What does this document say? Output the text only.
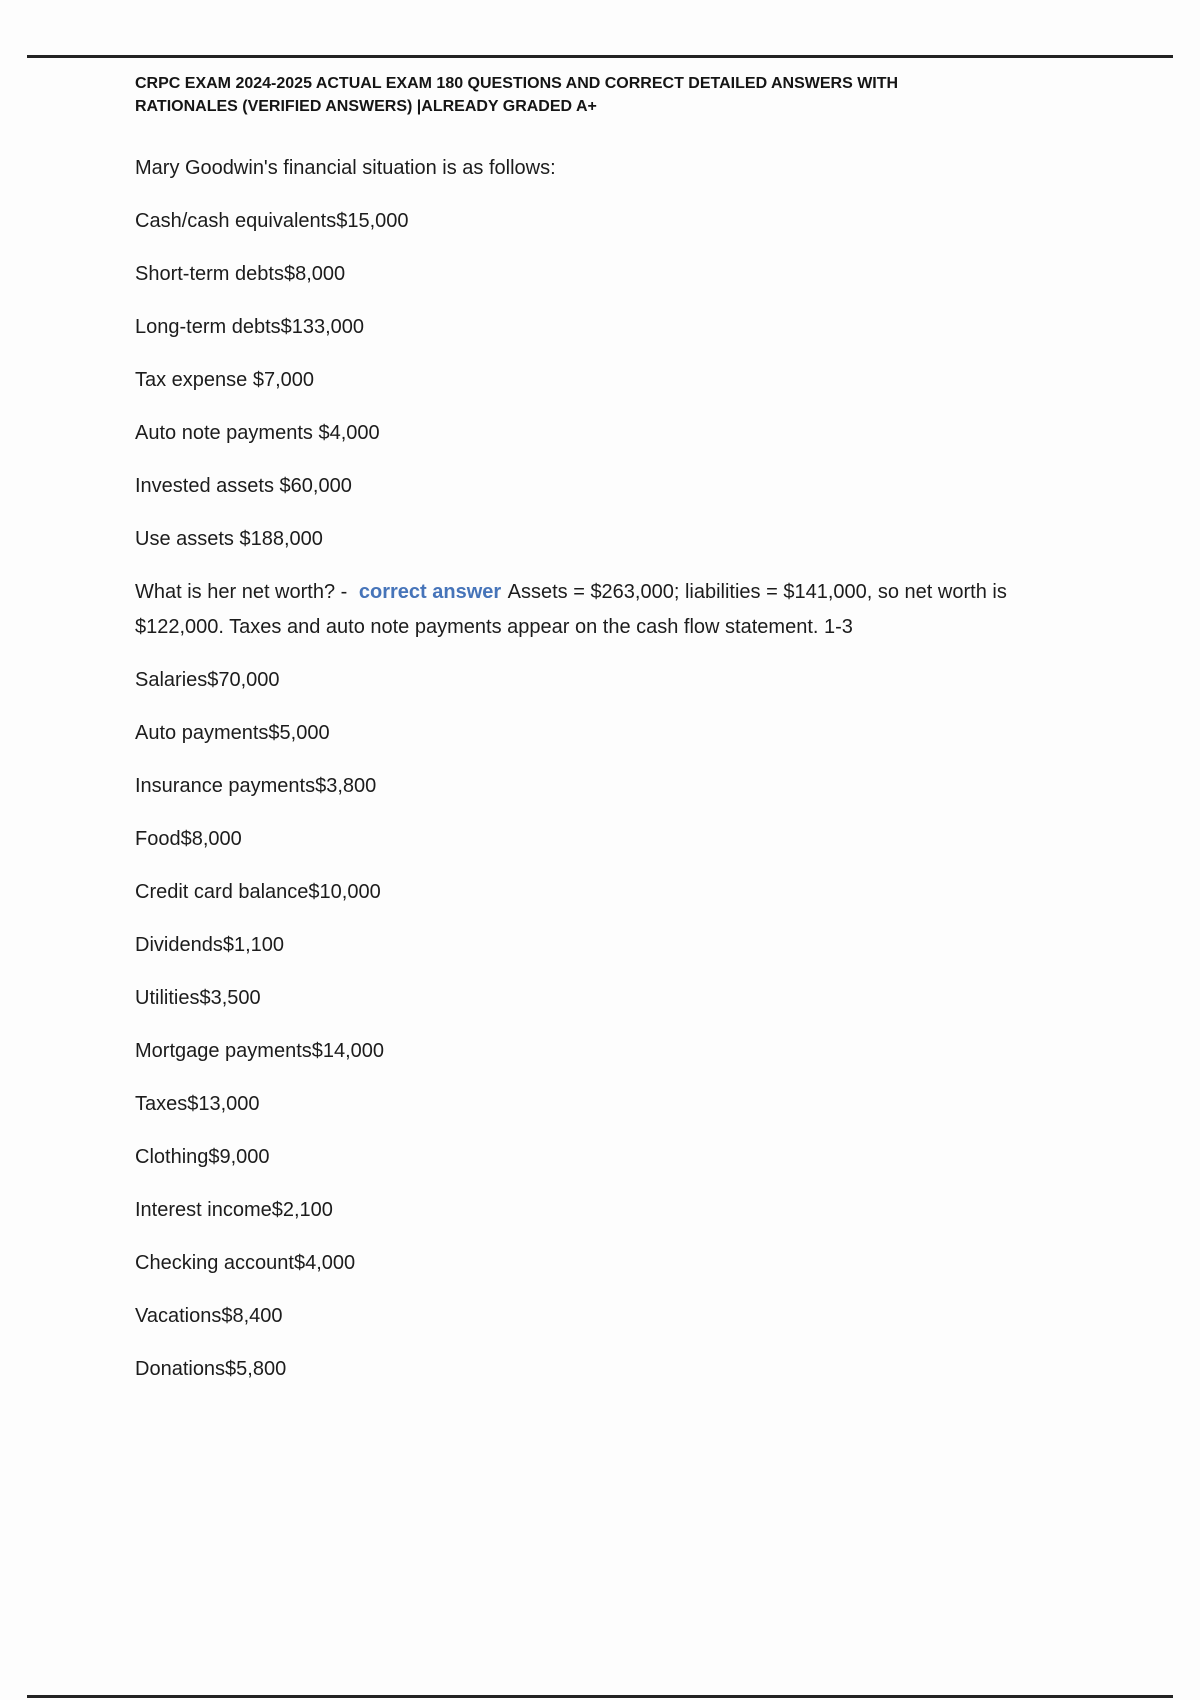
CRPC EXAM 2024-2025 ACTUAL EXAM 180 QUESTIONS AND CORRECT DETAILED ANSWERS WITH RATIONALES (VERIFIED ANSWERS) |ALREADY GRADED A+

Mary Goodwin's financial situation is as follows:

Cash/cash equivalents$15,000

Short-term debts$8,000

Long-term debts$133,000

Tax expense $7,000

Auto note payments $4,000

Invested assets $60,000

Use assets $188,000

What is her net worth? - correct answer Assets = $263,000; liabilities = $141,000, so net worth is $122,000. Taxes and auto note payments appear on the cash flow statement. 1-3

Salaries$70,000

Auto payments$5,000

Insurance payments$3,800

Food$8,000

Credit card balance$10,000

Dividends$1,100

Utilities$3,500

Mortgage payments$14,000

Taxes$13,000

Clothing$9,000

Interest income$2,100

Checking account$4,000

Vacations$8,400

Donations$5,800
